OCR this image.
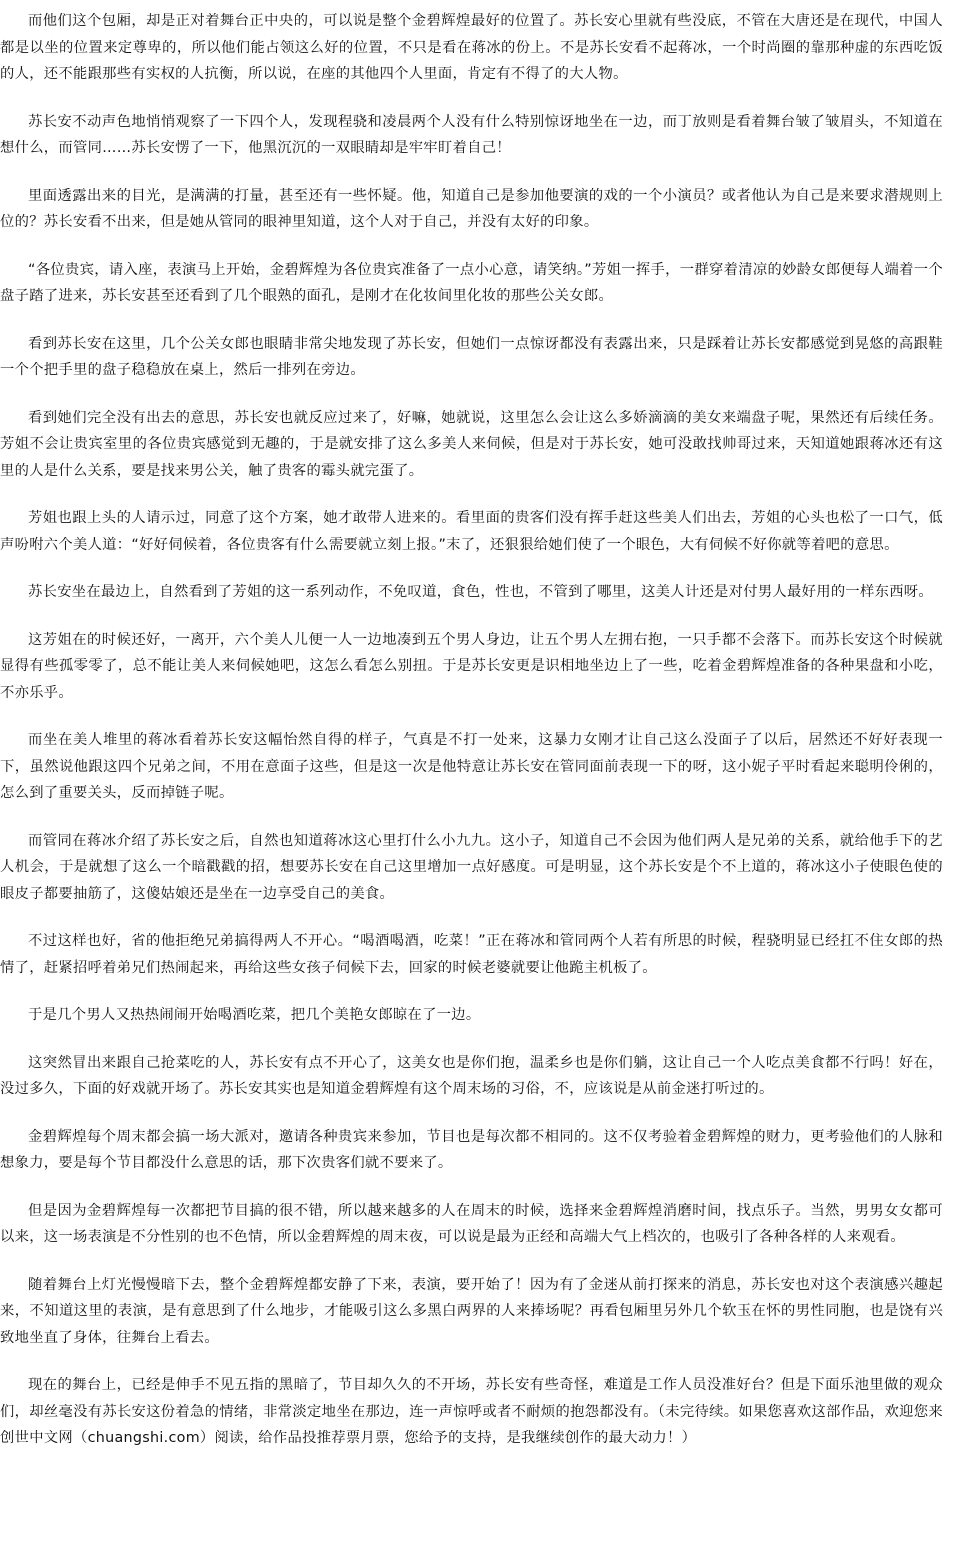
而他们这个包厢，却是正对着舞台正中央的，可以说是整个金碧辉煌最好的位置了。苏长安心里就有些没底，不管在大唐还是在现代，中国人都是以坐的位置来定尊卑的，所以他们能占领这么好的位置，不只是看在蒋冰的份上。不是苏长安看不起蒋冰，一个时尚圈的靠那种虚的东西吃饭的人，还不能跟那些有实权的人抗衡，所以说，在座的其他四个人里面，肯定有不得了的大人物。

苏长安不动声色地悄悄观察了一下四个人，发现程骁和凌晨两个人没有什么特别惊讶地坐在一边，而丁放则是看着舞台皱了皱眉头，不知道在想什么，而管同……苏长安愣了一下，他黑沉沉的一双眼睛却是牢牢盯着自己！

里面透露出来的目光，是满满的打量，甚至还有一些怀疑。他，知道自己是参加他要演的戏的一个小演员？或者他认为自己是来要求潜规则上位的？苏长安看不出来，但是她从管同的眼神里知道，这个人对于自己，并没有太好的印象。

“各位贵宾，请入座，表演马上开始，金碧辉煌为各位贵宾准备了一点小心意，请笑纳。”芳姐一挥手，一群穿着清凉的妙龄女郎便每人端着一个盘子踏了进来，苏长安甚至还看到了几个眼熟的面孔，是刚才在化妆间里化妆的那些公关女郎。

看到苏长安在这里，几个公关女郎也眼睛非常尖地发现了苏长安，但她们一点惊讶都没有表露出来，只是踩着让苏长安都感觉到晃悠的高跟鞋一个个把手里的盘子稳稳放在桌上，然后一排列在旁边。

看到她们完全没有出去的意思，苏长安也就反应过来了，好嘛，她就说，这里怎么会让这么多娇滴滴的美女来端盘子呢，果然还有后续任务。芳姐不会让贵宾室里的各位贵宾感觉到无趣的，于是就安排了这么多美人来伺候，但是对于苏长安，她可没敢找帅哥过来，天知道她跟蒋冰还有这里的人是什么关系，要是找来男公关，触了贵客的霉头就完蛋了。

芳姐也跟上头的人请示过，同意了这个方案，她才敢带人进来的。看里面的贵客们没有挥手赶这些美人们出去，芳姐的心头也松了一口气，低声吩咐六个美人道：“好好伺候着，各位贵客有什么需要就立刻上报。”末了，还狠狠给她们使了一个眼色，大有伺候不好你就等着吧的意思。

苏长安坐在最边上，自然看到了芳姐的这一系列动作，不免叹道，食色，性也，不管到了哪里，这美人计还是对付男人最好用的一样东西呀。

这芳姐在的时候还好，一离开，六个美人儿便一人一边地凑到五个男人身边，让五个男人左拥右抱，一只手都不会落下。而苏长安这个时候就显得有些孤零零了，总不能让美人来伺候她吧，这怎么看怎么别扭。于是苏长安更是识相地坐边上了一些，吃着金碧辉煌准备的各种果盘和小吃，不亦乐乎。

而坐在美人堆里的蒋冰看着苏长安这幅怡然自得的样子，气真是不打一处来，这暴力女刚才让自己这么没面子了以后，居然还不好好表现一下，虽然说他跟这四个兄弟之间，不用在意面子这些，但是这一次是他特意让苏长安在管同面前表现一下的呀，这小妮子平时看起来聪明伶俐的，怎么到了重要关头，反而掉链子呢。

而管同在蒋冰介绍了苏长安之后，自然也知道蒋冰这心里打什么小九九。这小子，知道自己不会因为他们两人是兄弟的关系，就给他手下的艺人机会，于是就想了这么一个暗戳戳的招，想要苏长安在自己这里增加一点好感度。可是明显，这个苏长安是个不上道的，蒋冰这小子使眼色使的眼皮子都要抽筋了，这傻姑娘还是坐在一边享受自己的美食。

不过这样也好，省的他拒绝兄弟搞得两人不开心。“喝酒喝酒，吃菜！”正在蒋冰和管同两个人若有所思的时候，程骁明显已经扛不住女郎的热情了，赶紧招呼着弟兄们热闹起来，再给这些女孩子伺候下去，回家的时候老婆就要让他跪主机板了。

于是几个男人又热热闹闹开始喝酒吃菜，把几个美艳女郎晾在了一边。

这突然冒出来跟自己抢菜吃的人，苏长安有点不开心了，这美女也是你们抱，温柔乡也是你们躺，这让自己一个人吃点美食都不行吗！好在，没过多久，下面的好戏就开场了。苏长安其实也是知道金碧辉煌有这个周末场的习俗，不，应该说是从前金迷打听过的。

金碧辉煌每个周末都会搞一场大派对，邀请各种贵宾来参加，节目也是每次都不相同的。这不仅考验着金碧辉煌的财力，更考验他们的人脉和想象力，要是每个节目都没什么意思的话，那下次贵客们就不要来了。

但是因为金碧辉煌每一次都把节目搞的很不错，所以越来越多的人在周末的时候，选择来金碧辉煌消磨时间，找点乐子。当然，男男女女都可以来，这一场表演是不分性别的也不色情，所以金碧辉煌的周末夜，可以说是最为正经和高端大气上档次的，也吸引了各种各样的人来观看。

随着舞台上灯光慢慢暗下去，整个金碧辉煌都安静了下来，表演，要开始了！因为有了金迷从前打探来的消息，苏长安也对这个表演感兴趣起来，不知道这里的表演，是有意思到了什么地步，才能吸引这么多黑白两界的人来捧场呢？再看包厢里另外几个软玉在怀的男性同胞，也是饶有兴致地坐直了身体，往舞台上看去。

现在的舞台上，已经是伸手不见五指的黑暗了，节目却久久的不开场，苏长安有些奇怪，难道是工作人员没准好台？但是下面乐池里做的观众们，却丝毫没有苏长安这份着急的情绪，非常淡定地坐在那边，连一声惊呼或者不耐烦的抱怨都没有。（未完待续。如果您喜欢这部作品，欢迎您来创世中文网（chuangshi.com）阅读，给作品投推荐票月票，您给予的支持，是我继续创作的最大动力！）
